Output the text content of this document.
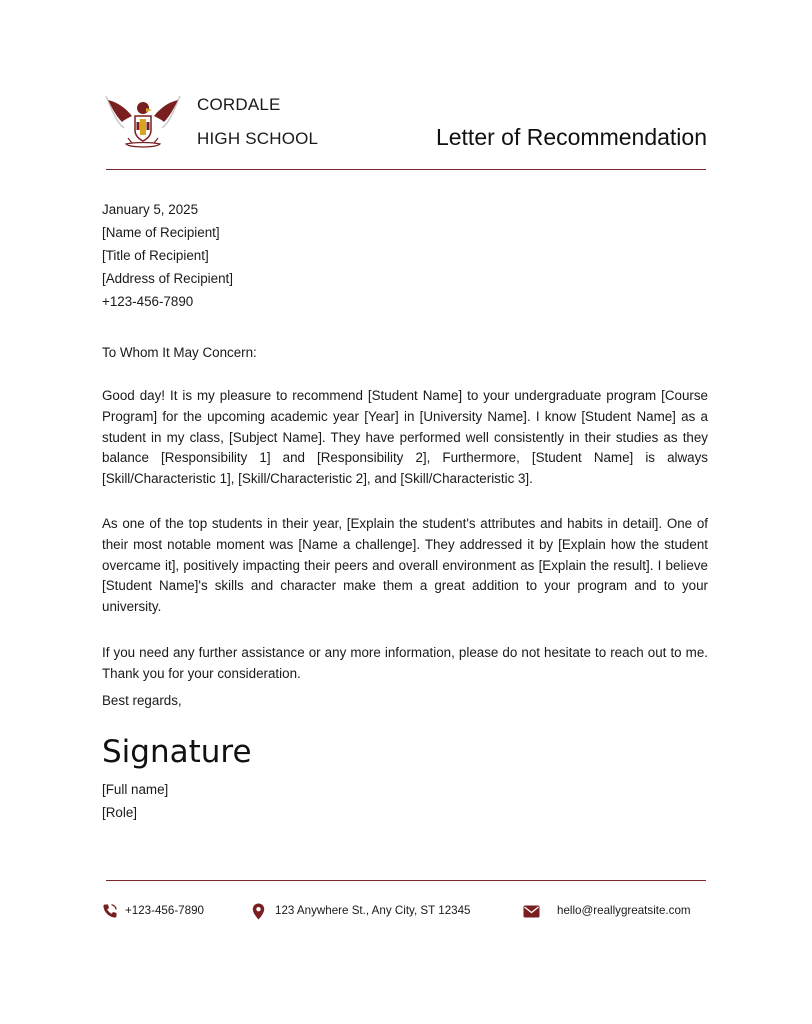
CORDALE
HIGH SCHOOL	Letter of Recommendation
January 5, 2025
[Name of Recipient]
[Title of Recipient]
[Address of Recipient]
+123-456-7890
To Whom It May Concern:
Good day! It is my pleasure to recommend [Student Name] to your undergraduate program [Course Program] for the upcoming academic year [Year] in [University Name]. I know [Student Name] as a student in my class, [Subject Name]. They have performed well consistently in their studies as they balance [Responsibility 1] and [Responsibility 2], Furthermore, [Student Name] is always [Skill/Characteristic 1], [Skill/Characteristic 2], and [Skill/Characteristic 3].
As one of the top students in their year, [Explain the student's attributes and habits in detail]. One of their most notable moment was [Name a challenge]. They addressed it by [Explain how the student overcame it], positively impacting their peers and overall environment as [Explain the result]. I believe [Student Name]'s skills and character make them a great addition to your program and to your university.
If you need any further assistance or any more information, please do not hesitate to reach out to me. Thank you for your consideration.
Best regards,
Signature
[Full name]
[Role]
+123-456-7890	123 Anywhere St., Any City, ST 12345	hello@reallygreatsite.com
